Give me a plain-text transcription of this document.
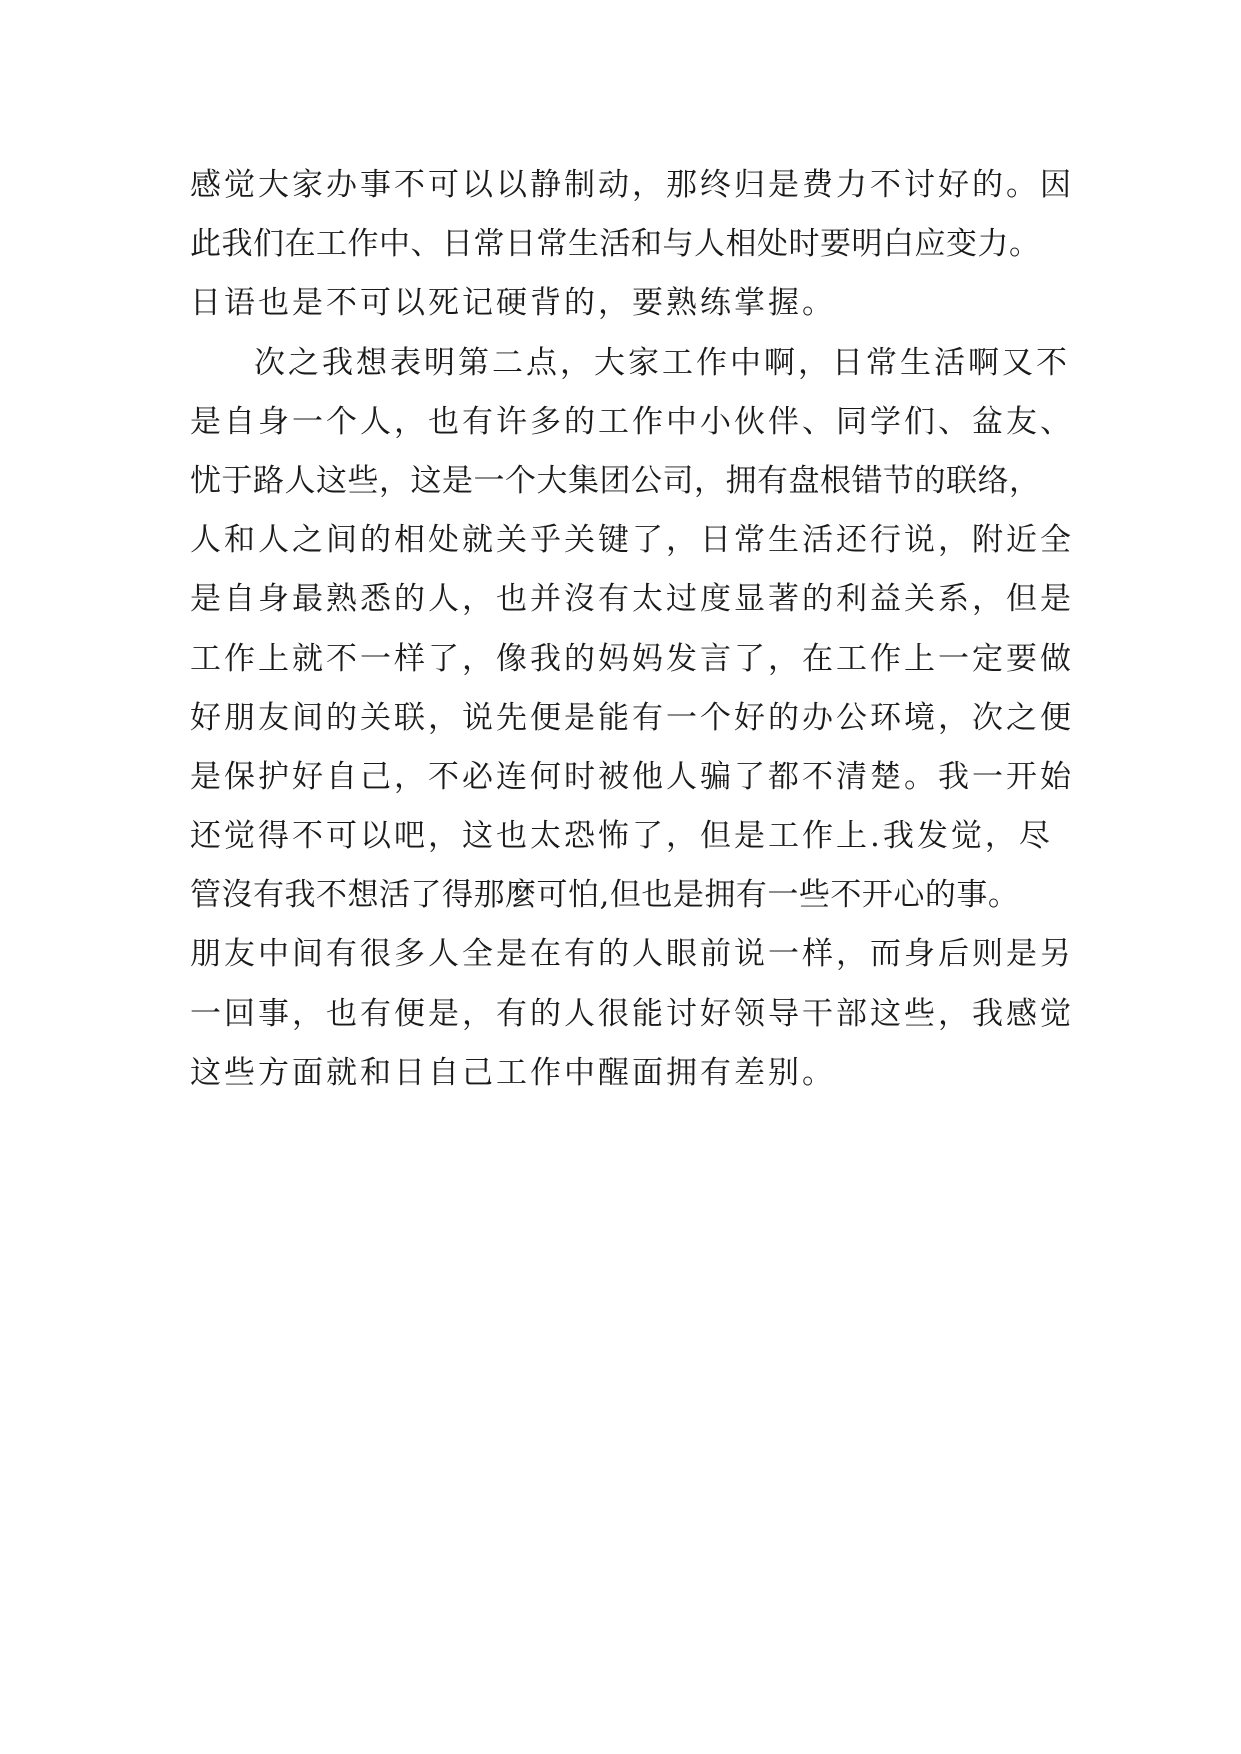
感觉大家办事不可以以静制动，那终归是费力不讨好的。因
此我们在工作中、日常日常生活和与人相处时要明白应变力。
日语也是不可以死记硬背的，要熟练掌握。
次之我想表明第二点，大家工作中啊，日常生活啊又不
是自身一个人，也有许多的工作中小伙伴、同学们、盆友、
忧于路人这些，这是一个大集团公司，拥有盘根错节的联络，
人和人之间的相处就关乎关键了，日常生活还行说，附近全
是自身最熟悉的人，也并沒有太过度显著的利益关系，但是
工作上就不一样了，像我的妈妈发言了，在工作上一定要做
好朋友间的关联，说先便是能有一个好的办公环境，次之便
是保护好自己，不必连何时被他人骗了都不清楚。我一开始
还觉得不可以吧，这也太恐怖了，但是工作上.我发觉，尽
管沒有我不想活了得那麼可怕,但也是拥有一些不开心的事。
朋友中间有很多人全是在有的人眼前说一样，而身后则是另
一回事，也有便是，有的人很能讨好领导干部这些，我感觉
这些方面就和日自己工作中醒面拥有差别。
